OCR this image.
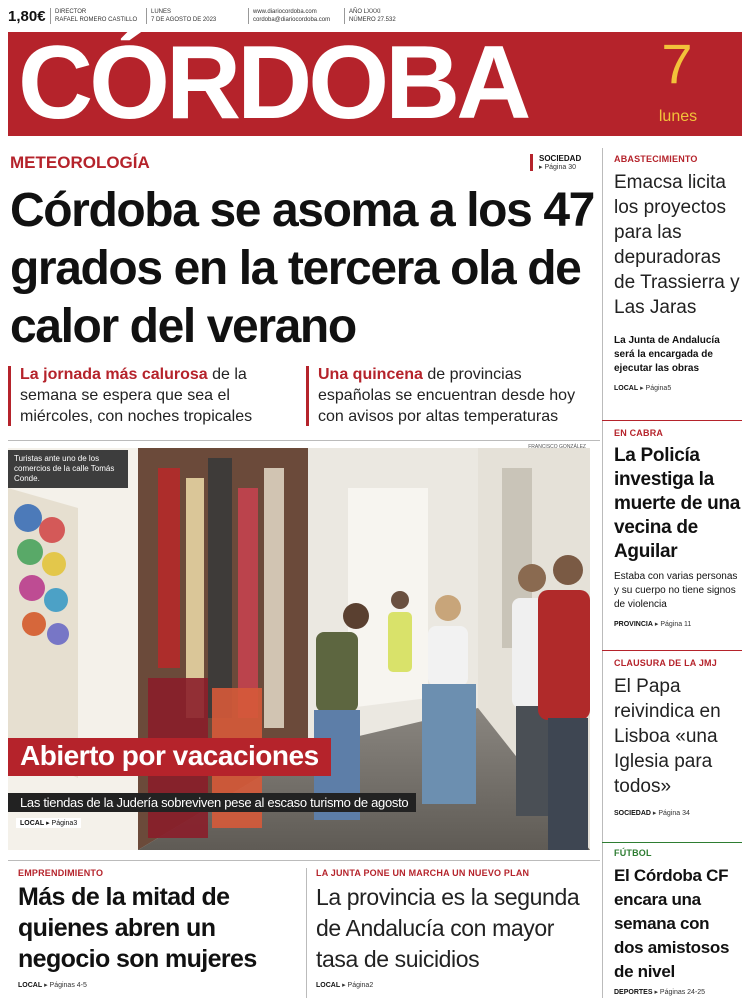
1,80€ DIRECTOR
RAFAEL ROMERO CASTILLO
LUNES
7 DE AGOSTO DE 2023
www.diariocordoba.com
cordoba@diariocordoba.com
AÑO LXXXI
NÚMERO 27.532
CÓRDOBA 7
lunes
METEOROLOGÍA	SOCIEDAD
▸ Página 30
Córdoba se asoma a los 47 grados en la tercera ola de calor del verano
La jornada más calurosa de la semana se espera que sea el miércoles, con noches tropicales
Una quincena de provincias españolas se encuentran desde hoy con avisos por altas temperaturas
Turistas ante uno de los comercios de la calle Tomás Conde.
FRANCISCO GONZÁLEZ
Abierto por vacaciones
Las tiendas de la Judería sobreviven pese al escaso turismo de agosto
LOCAL ▸ Página3
ABASTECIMIENTO
Emacsa licita los proyectos para las depuradoras de Trassierra y Las Jaras
La Junta de Andalucía será la encargada de ejecutar las obras
LOCAL ▸ Página5
EN CABRA
La Policía investiga la muerte de una vecina de Aguilar
Estaba con varias personas y su cuerpo no tiene signos de violencia
PROVINCIA ▸ Página 11
CLAUSURA DE LA JMJ
El Papa reivindica en Lisboa «una Iglesia para todos»
SOCIEDAD ▸ Página 34
FÚTBOL
El Córdoba CF encara una semana con dos amistosos de nivel
DEPORTES ▸ Páginas 24-25
EMPRENDIMIENTO
Más de la mitad de quienes abren un negocio son mujeres
LOCAL ▸ Páginas 4-5
LA JUNTA PONE UN MARCHA UN NUEVO PLAN
La provincia es la segunda de Andalucía con mayor tasa de suicidios
LOCAL ▸ Página2
